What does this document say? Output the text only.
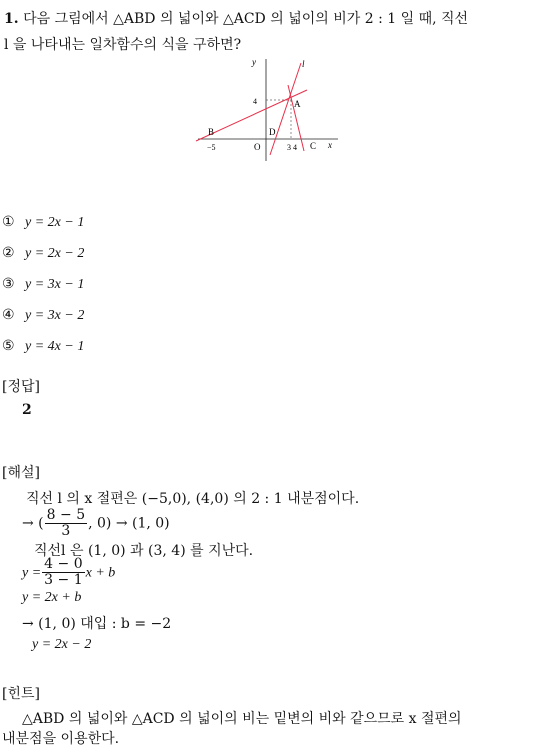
1. 다음 그림에서 △ABD 의 넓이와 △ACD 의 넓이의 비가 2 : 1 일 때, 직선
l 을 나타내는 일차함수의 식을 구하면?
y
x
l
4	A
B	D
O
−5	3 4 C
① y = 2x − 1
② y = 2x − 2
③ y = 3x − 1
④ y = 3x − 2
⑤ y = 4x − 1
[정답]
2
[해설]
직선 l 의 x 절편은 (−5,0), (4,0) 의 2 : 1 내분점이다.
→ ( $\frac{8 - 5}{3}$ , 0) → (1, 0)
직선l 은 (1, 0) 과 (3, 4) 를 지난다.
$y = \frac{4 - 0}{3 - 1}$ x + b
y = 2x + b
→ (1, 0) 대입 : b = −2
y = 2x − 2
[힌트]
△ABD 의 넓이와 △ACD 의 넓이의 비는 밑변의 비와 같으므로 x 절편의
내분점을 이용한다.
